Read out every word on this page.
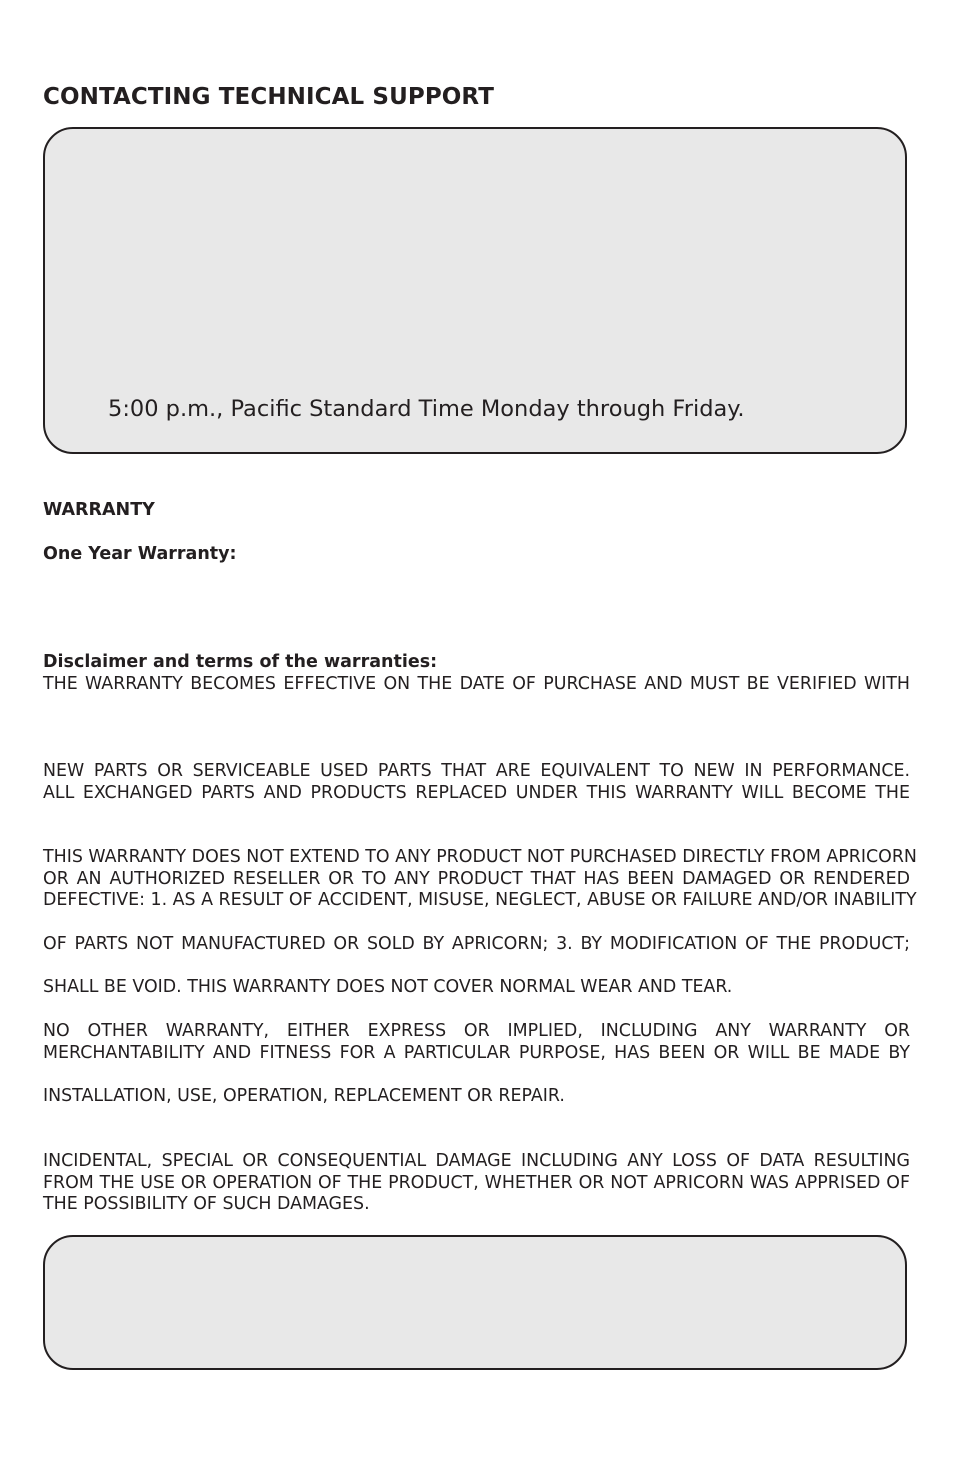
CONTACTING TECHNICAL SUPPORT
5:00 p.m., Pacific Standard Time Monday through Friday.
WARRANTY
One Year Warranty:
Disclaimer and terms of the warranties:
THE WARRANTY BECOMES EFFECTIVE ON THE DATE OF PURCHASE AND MUST BE VERIFIED WITH
NEW PARTS OR SERVICEABLE USED PARTS THAT ARE EQUIVALENT TO NEW IN PERFORMANCE.
ALL EXCHANGED PARTS AND PRODUCTS REPLACED UNDER THIS WARRANTY WILL BECOME THE
THIS WARRANTY DOES NOT EXTEND TO ANY PRODUCT NOT PURCHASED DIRECTLY FROM APRICORN
OR AN AUTHORIZED RESELLER OR TO ANY PRODUCT THAT HAS BEEN DAMAGED OR RENDERED
DEFECTIVE: 1. AS A RESULT OF ACCIDENT, MISUSE, NEGLECT, ABUSE OR FAILURE AND/OR INABILITY
OF PARTS NOT MANUFACTURED OR SOLD BY APRICORN; 3. BY MODIFICATION OF THE PRODUCT;
SHALL BE VOID. THIS WARRANTY DOES NOT COVER NORMAL WEAR AND TEAR.
NO OTHER WARRANTY, EITHER EXPRESS OR IMPLIED, INCLUDING ANY WARRANTY OR
MERCHANTABILITY AND FITNESS FOR A PARTICULAR PURPOSE, HAS BEEN OR WILL BE MADE BY
INSTALLATION, USE, OPERATION, REPLACEMENT OR REPAIR.
INCIDENTAL, SPECIAL OR CONSEQUENTIAL DAMAGE INCLUDING ANY LOSS OF DATA RESULTING
FROM THE USE OR OPERATION OF THE PRODUCT, WHETHER OR NOT APRICORN WAS APPRISED OF
THE POSSIBILITY OF SUCH DAMAGES.
